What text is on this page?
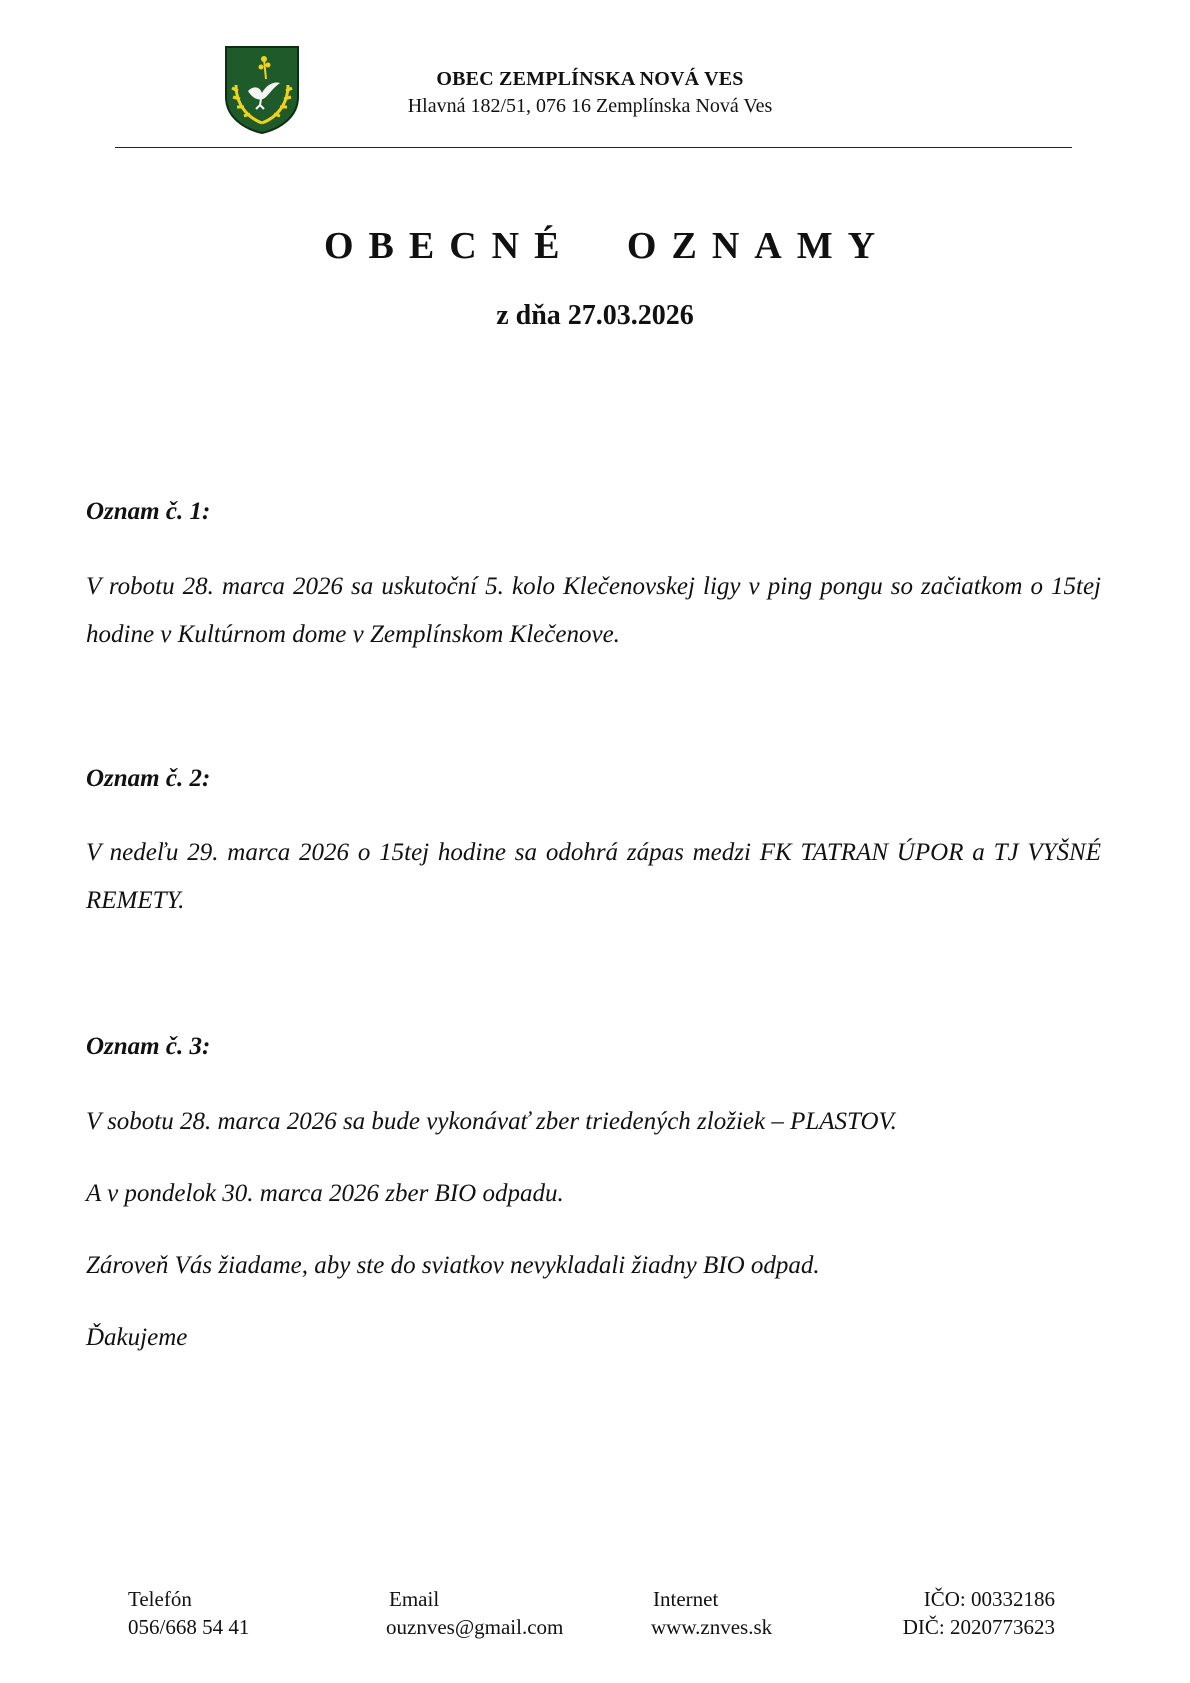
OBEC ZEMPLÍNSKA NOVÁ VES
Hlavná 182/51, 076 16 Zemplínska Nová Ves
OBECNÉ OZNAMY
z dňa 27.03.2026
Oznam č. 1:

V robotu 28. marca 2026 sa uskutoční 5. kolo Klečenovskej ligy v ping pongu so začiatkom o 15tej hodine v Kultúrnom dome v Zemplínskom Klečenove.

Oznam č. 2:

V nedeľu 29. marca 2026 o 15tej hodine sa odohrá zápas medzi FK TATRAN ÚPOR a TJ VYŠNÉ REMETY.

Oznam č. 3:
V sobotu 28. marca 2026 sa bude vykonávať zber triedených zložiek – PLASTOV.
A v pondelok 30. marca 2026 zber BIO odpadu.
Zároveň Vás žiadame, aby ste do sviatkov nevykladali žiadny BIO odpad.
Ďakujeme
Telefón
056/668 54 41
Email
ouznves@gmail.com
Internet
www.znves.sk
IČO: 00332186
DIČ: 2020773623
